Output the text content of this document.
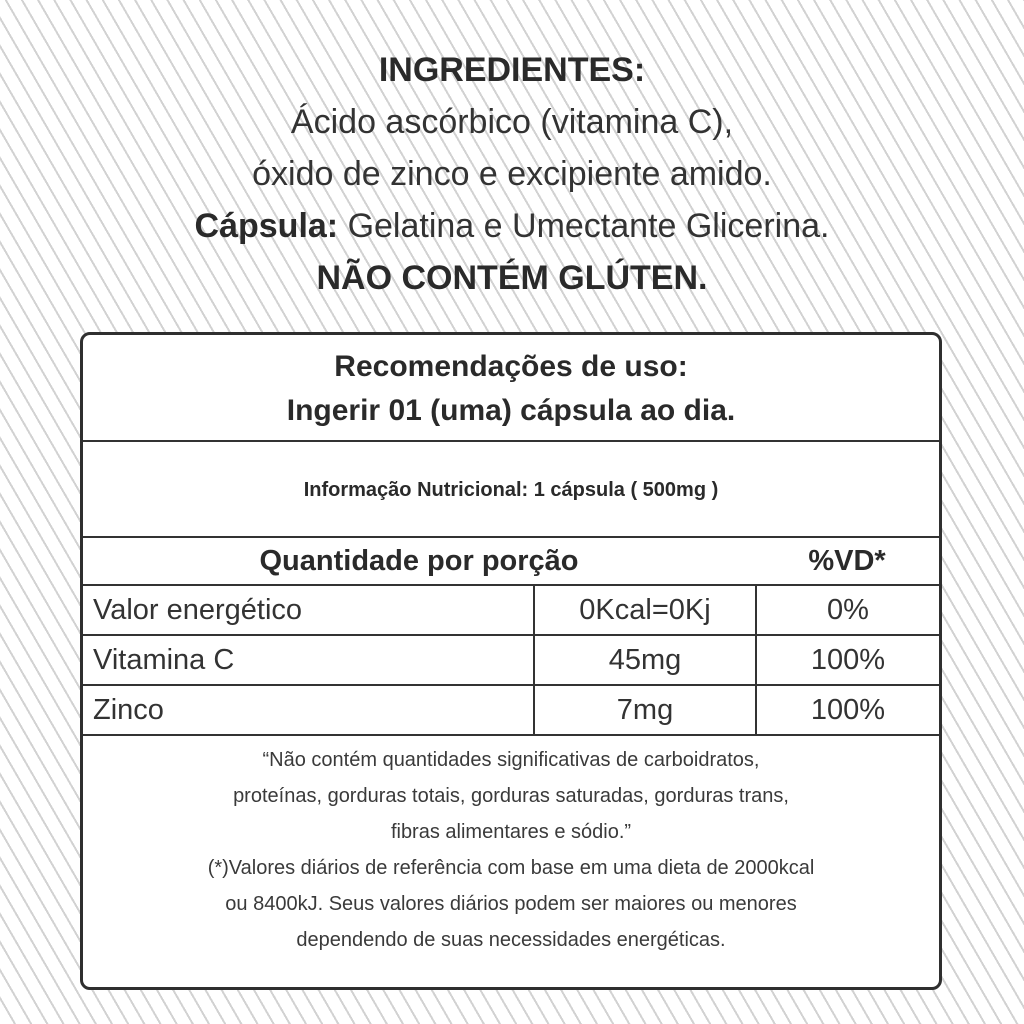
INGREDIENTES:
Ácido ascórbico (vitamina C),
óxido de zinco e excipiente amido.
Cápsula: Gelatina e Umectante Glicerina.
NÃO CONTÉM GLÚTEN.
Recomendações de uso:
Ingerir 01 (uma) cápsula ao dia.
Informação Nutricional: 1 cápsula ( 500mg )
Quantidade por porção	%VD*
Valor energético	0Kcal=0Kj	0%
Vitamina C	45mg	100%
Zinco	7mg	100%
“Não contém quantidades significativas de carboidratos,
proteínas, gorduras totais, gorduras saturadas, gorduras trans,
fibras alimentares e sódio.”
(*)Valores diários de referência com base em uma dieta de 2000kcal
ou 8400kJ. Seus valores diários podem ser maiores ou menores
dependendo de suas necessidades energéticas.
